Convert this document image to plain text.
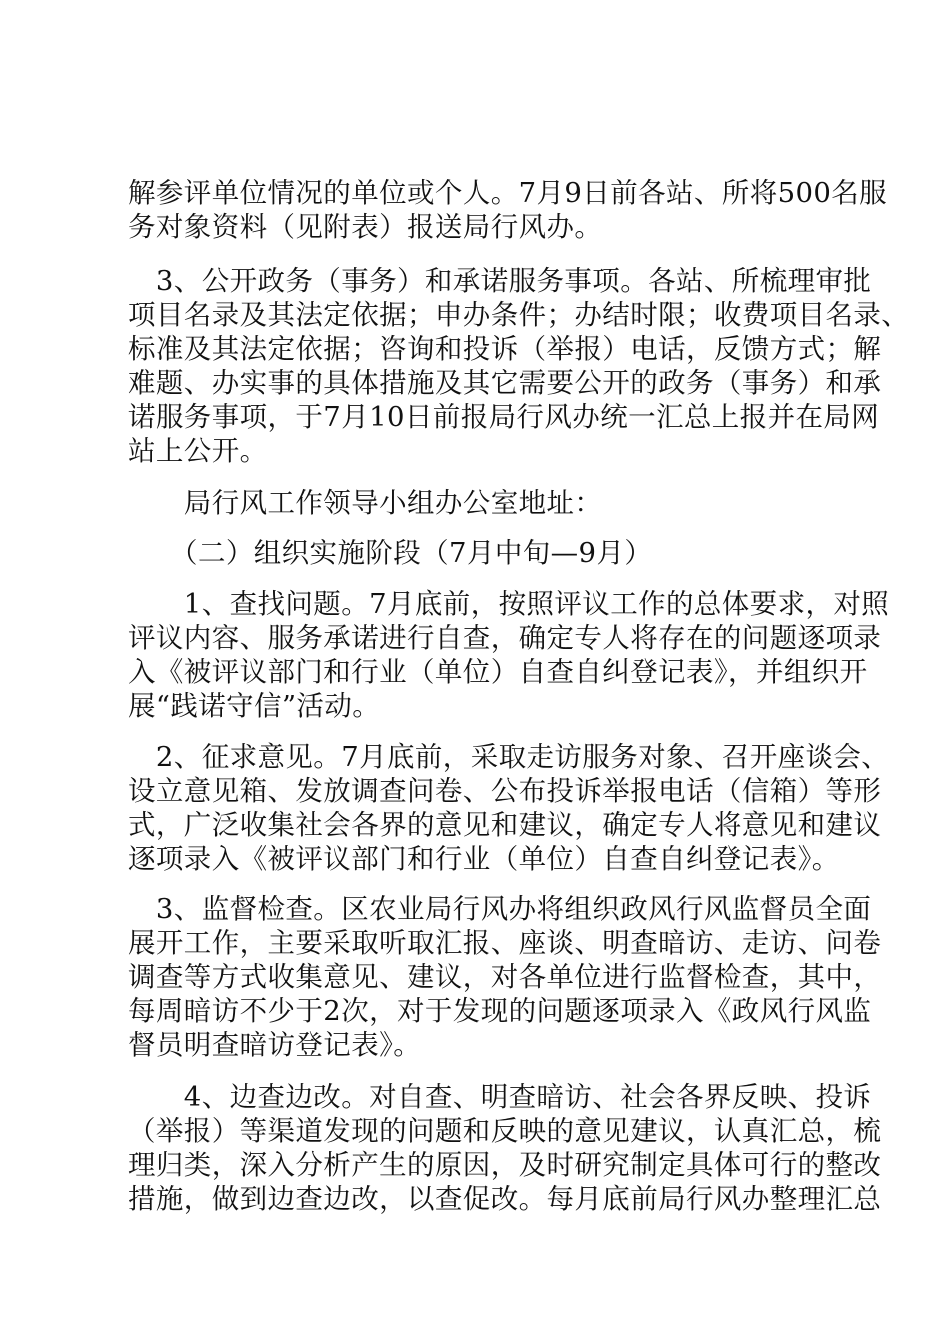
解参评单位情况的单位或个人。7月9日前各站、所将500名服
务对象资料（见附表）报送局行风办。
　3、公开政务（事务）和承诺服务事项。各站、所梳理审批
项目名录及其法定依据；申办条件；办结时限；收费项目名录、
标准及其法定依据；咨询和投诉（举报）电话，反馈方式；解
难题、办实事的具体措施及其它需要公开的政务（事务）和承
诺服务事项，于7月10日前报局行风办统一汇总上报并在局网
站上公开。
　　局行风工作领导小组办公室地址：
　　（二）组织实施阶段（7月中旬—9月）
　　1、查找问题。7月底前，按照评议工作的总体要求，对照
评议内容、服务承诺进行自查，确定专人将存在的问题逐项录
入《被评议部门和行业（单位）自查自纠登记表》，并组织开
展“践诺守信”活动。
　2、征求意见。7月底前，采取走访服务对象、召开座谈会、
设立意见箱、发放调查问卷、公布投诉举报电话（信箱）等形
式，广泛收集社会各界的意见和建议，确定专人将意见和建议
逐项录入《被评议部门和行业（单位）自查自纠登记表》。
　3、监督检查。区农业局行风办将组织政风行风监督员全面
展开工作，主要采取听取汇报、座谈、明查暗访、走访、问卷
调查等方式收集意见、建议，对各单位进行监督检查，其中，
每周暗访不少于2次，对于发现的问题逐项录入《政风行风监
督员明查暗访登记表》。
　　4、边查边改。对自查、明查暗访、社会各界反映、投诉
（举报）等渠道发现的问题和反映的意见建议，认真汇总，梳
理归类，深入分析产生的原因，及时研究制定具体可行的整改
措施，做到边查边改，以查促改。每月底前局行风办整理汇总
